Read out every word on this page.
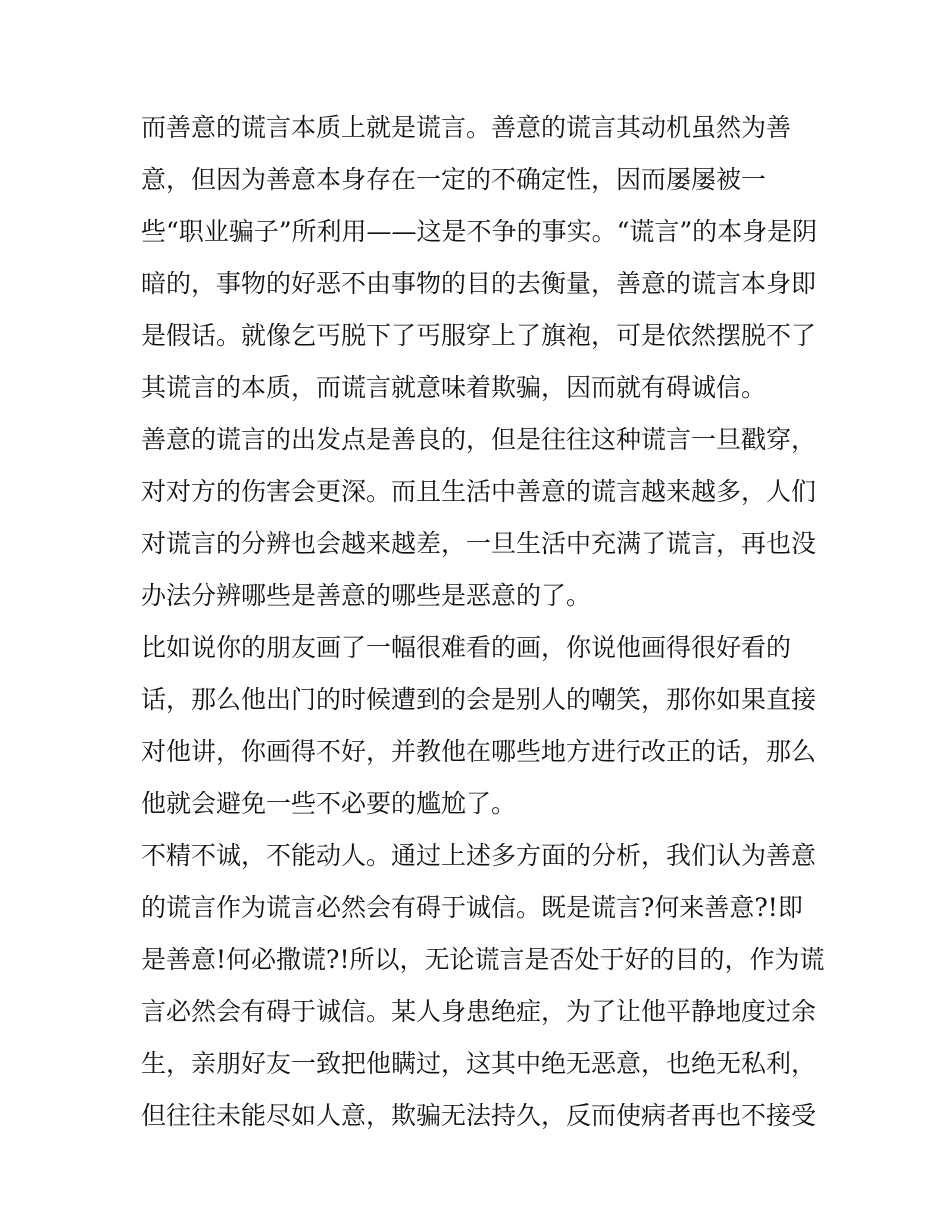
而善意的谎言本质上就是谎言。善意的谎言其动机虽然为善
意，但因为善意本身存在一定的不确定性，因而屡屡被一
些“职业骗子”所利用——这是不争的事实。“谎言”的本身是阴
暗的，事物的好恶不由事物的目的去衡量，善意的谎言本身即
是假话。就像乞丐脱下了丐服穿上了旗袍，可是依然摆脱不了
其谎言的本质，而谎言就意味着欺骗，因而就有碍诚信。
善意的谎言的出发点是善良的，但是往往这种谎言一旦戳穿，
对对方的伤害会更深。而且生活中善意的谎言越来越多，人们
对谎言的分辨也会越来越差，一旦生活中充满了谎言，再也没
办法分辨哪些是善意的哪些是恶意的了。
比如说你的朋友画了一幅很难看的画，你说他画得很好看的
话，那么他出门的时候遭到的会是别人的嘲笑，那你如果直接
对他讲，你画得不好，并教他在哪些地方进行改正的话，那么
他就会避免一些不必要的尴尬了。
不精不诚，不能动人。通过上述多方面的分析，我们认为善意
的谎言作为谎言必然会有碍于诚信。既是谎言?何来善意?!即
是善意!何必撒谎?!所以，无论谎言是否处于好的目的，作为谎
言必然会有碍于诚信。某人身患绝症，为了让他平静地度过余
生，亲朋好友一致把他瞒过，这其中绝无恶意，也绝无私利，
但往往未能尽如人意，欺骗无法持久，反而使病者再也不接受
